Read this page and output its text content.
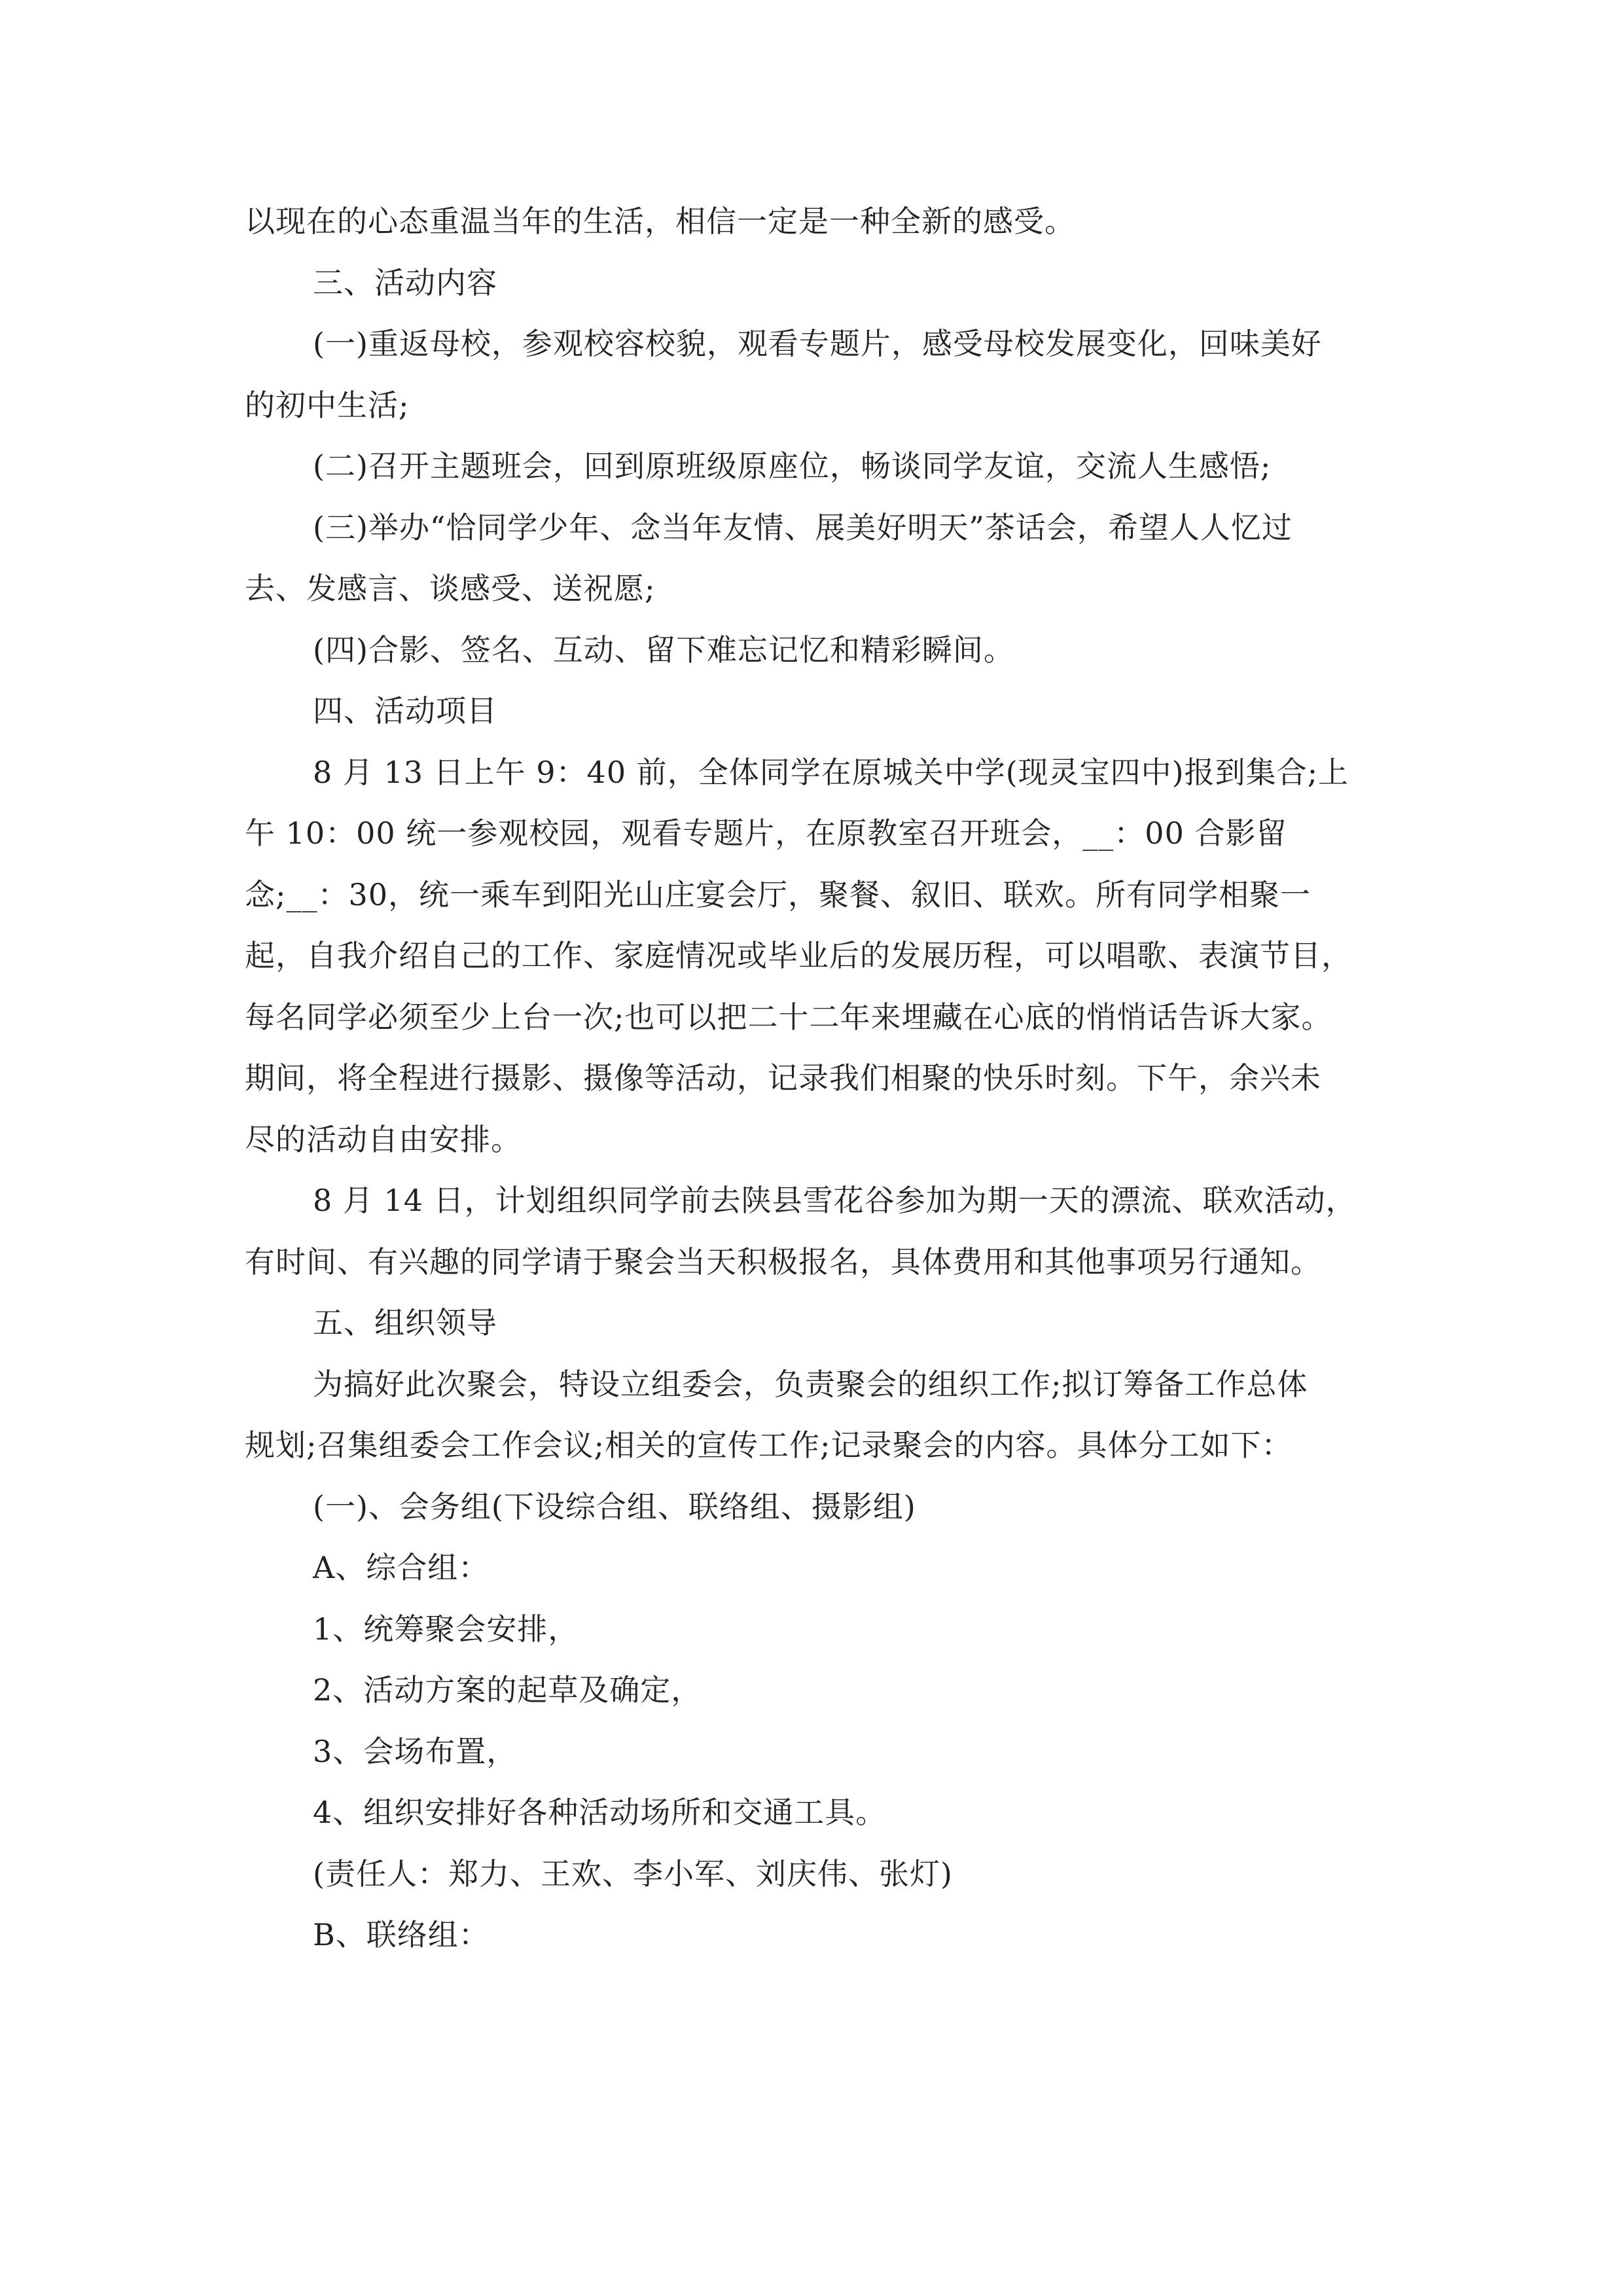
以现在的心态重温当年的生活，相信一定是一种全新的感受。
三、活动内容
(一)重返母校，参观校容校貌，观看专题片，感受母校发展变化，回味美好
的初中生活;
(二)召开主题班会，回到原班级原座位，畅谈同学友谊，交流人生感悟;
(三)举办“恰同学少年、念当年友情、展美好明天”茶话会，希望人人忆过
去、发感言、谈感受、送祝愿;
(四)合影、签名、互动、留下难忘记忆和精彩瞬间。
四、活动项目
8 月 13 日上午 9：40 前，全体同学在原城关中学(现灵宝四中)报到集合;上
午 10：00 统一参观校园，观看专题片，在原教室召开班会，__：00 合影留
念;__：30，统一乘车到阳光山庄宴会厅，聚餐、叙旧、联欢。所有同学相聚一
起，自我介绍自己的工作、家庭情况或毕业后的发展历程，可以唱歌、表演节目，
每名同学必须至少上台一次;也可以把二十二年来埋藏在心底的悄悄话告诉大家。
期间，将全程进行摄影、摄像等活动，记录我们相聚的快乐时刻。下午，余兴未
尽的活动自由安排。
8 月 14 日，计划组织同学前去陕县雪花谷参加为期一天的漂流、联欢活动，
有时间、有兴趣的同学请于聚会当天积极报名，具体费用和其他事项另行通知。
五、组织领导
为搞好此次聚会，特设立组委会，负责聚会的组织工作;拟订筹备工作总体
规划;召集组委会工作会议;相关的宣传工作;记录聚会的内容。具体分工如下：
(一)、会务组(下设综合组、联络组、摄影组)
A、综合组：
1、统筹聚会安排，
2、活动方案的起草及确定，
3、会场布置，
4、组织安排好各种活动场所和交通工具。
(责任人：郑力、王欢、李小军、刘庆伟、张灯)
B、联络组：
